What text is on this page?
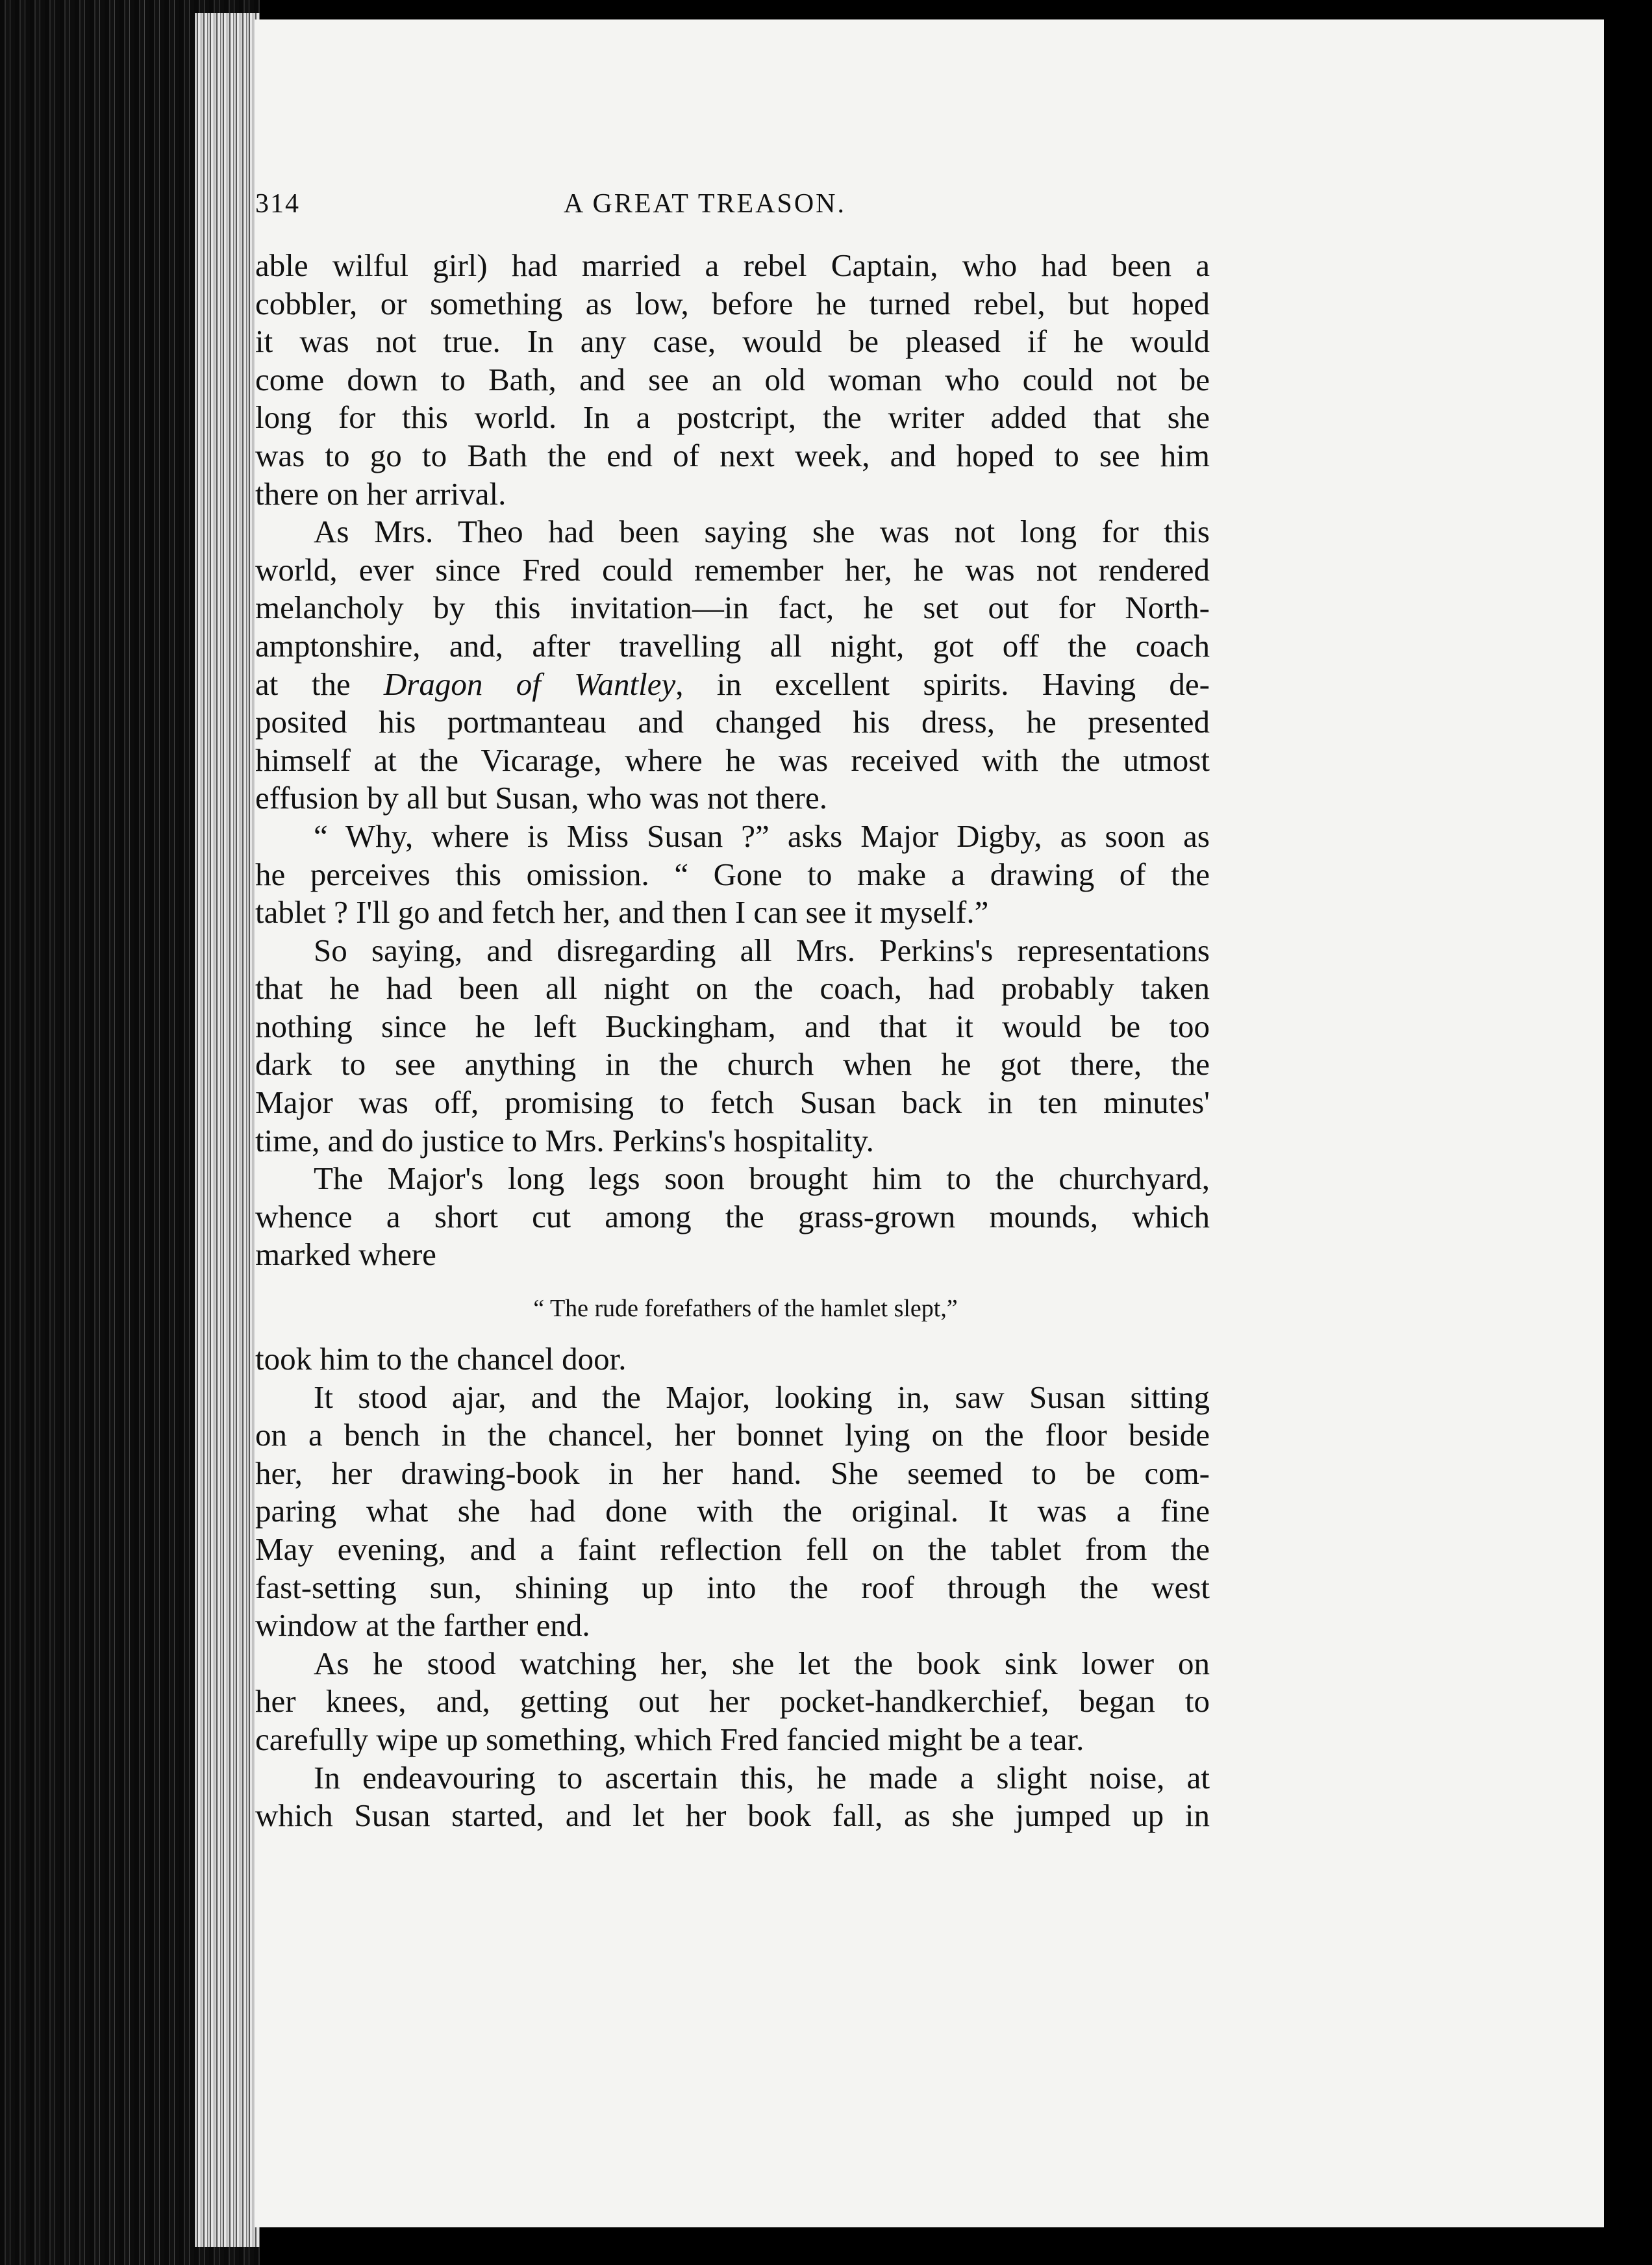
314	A GREAT TREASON.

able wilful girl) had married a rebel Captain, who had been a

cobbler, or something as low, before he turned rebel, but hoped

it was not true. In any case, would be pleased if he would

come down to Bath, and see an old woman who could not be

long for this world. In a postcript, the writer added that she

was to go to Bath the end of next week, and hoped to see him

there on her arrival.

As Mrs. Theo had been saying she was not long for this

world, ever since Fred could remember her, he was not rendered

melancholy by this invitation—in fact, he set out for North-

amptonshire, and, after travelling all night, got off the coach

at the Dragon of Wantley, in excellent spirits. Having de-

posited his portmanteau and changed his dress, he presented

himself at the Vicarage, where he was received with the utmost

effusion by all but Susan, who was not there.

“ Why, where is Miss Susan ?” asks Major Digby, as soon as

he perceives this omission. “ Gone to make a drawing of the

tablet ? I'll go and fetch her, and then I can see it myself.”

So saying, and disregarding all Mrs. Perkins's representations

that he had been all night on the coach, had probably taken

nothing since he left Buckingham, and that it would be too

dark to see anything in the church when he got there, the

Major was off, promising to fetch Susan back in ten minutes'

time, and do justice to Mrs. Perkins's hospitality.

The Major's long legs soon brought him to the churchyard,

whence a short cut among the grass-grown mounds, which

marked where

“ The rude forefathers of the hamlet slept,”

took him to the chancel door.

It stood ajar, and the Major, looking in, saw Susan sitting

on a bench in the chancel, her bonnet lying on the floor beside

her, her drawing-book in her hand. She seemed to be com-

paring what she had done with the original. It was a fine

May evening, and a faint reflection fell on the tablet from the

fast-setting sun, shining up into the roof through the west

window at the farther end.

As he stood watching her, she let the book sink lower on

her knees, and, getting out her pocket-handkerchief, began to

carefully wipe up something, which Fred fancied might be a tear.

In endeavouring to ascertain this, he made a slight noise, at

which Susan started, and let her book fall, as she jumped up in
